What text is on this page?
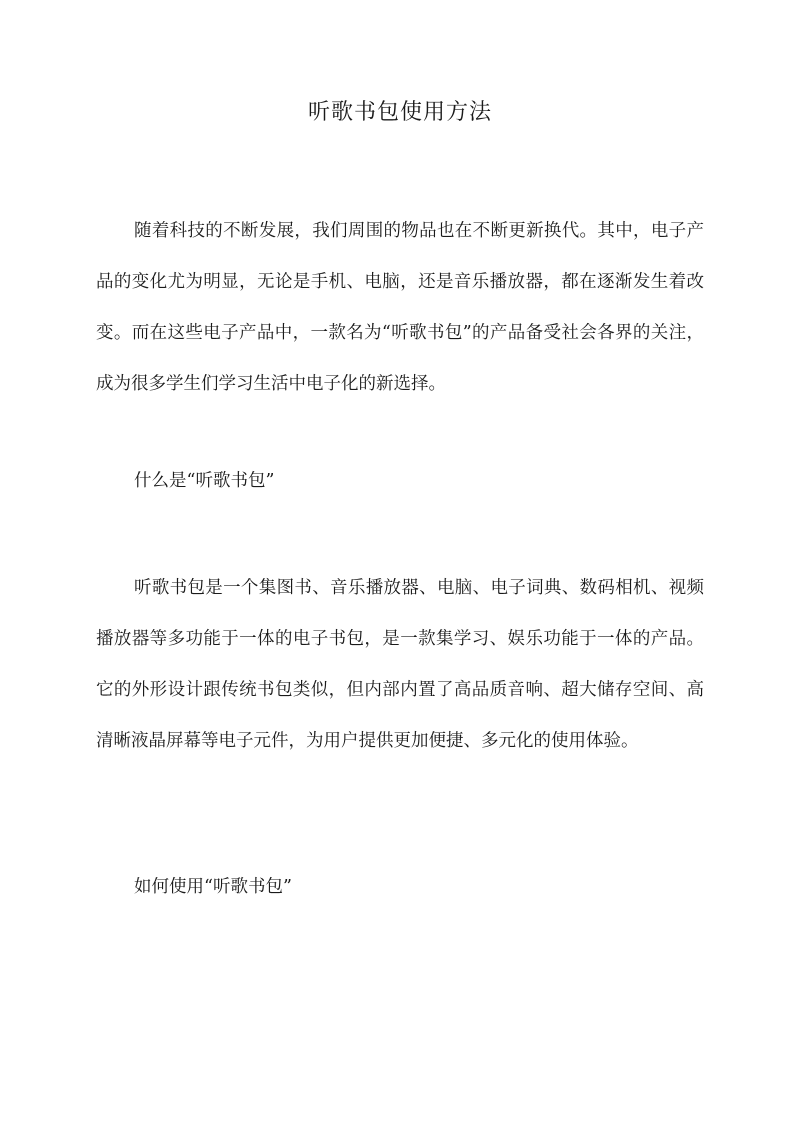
听歌书包使用方法

随着科技的不断发展，我们周围的物品也在不断更新换代。其中，电子产品的变化尤为明显，无论是手机、电脑，还是音乐播放器，都在逐渐发生着改变。而在这些电子产品中，一款名为“听歌书包”的产品备受社会各界的关注，成为很多学生们学习生活中电子化的新选择。

什么是“听歌书包”

听歌书包是一个集图书、音乐播放器、电脑、电子词典、数码相机、视频播放器等多功能于一体的电子书包，是一款集学习、娱乐功能于一体的产品。它的外形设计跟传统书包类似，但内部内置了高品质音响、超大储存空间、高清晰液晶屏幕等电子元件，为用户提供更加便捷、多元化的使用体验。

如何使用“听歌书包”
